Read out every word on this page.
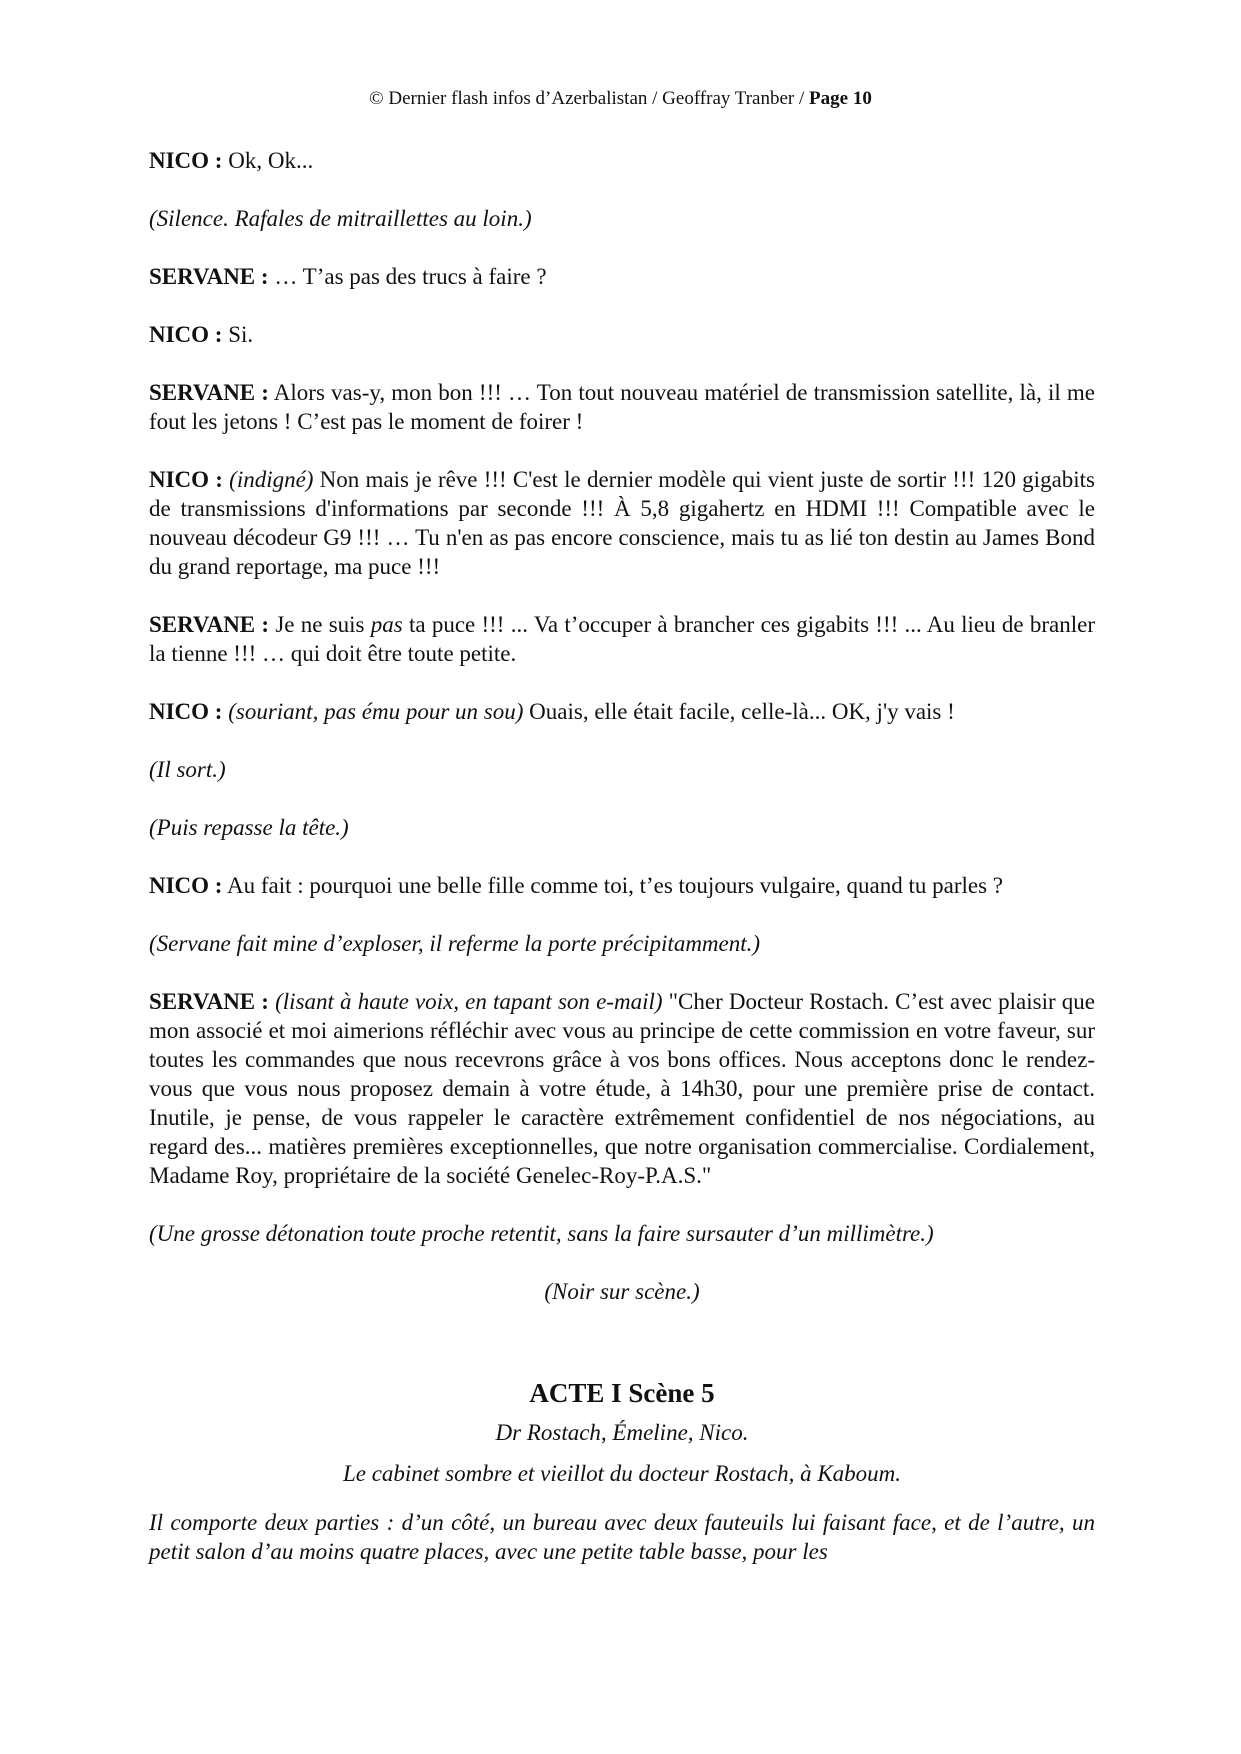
© Dernier flash infos d’Azerbalistan / Geoffray Tranber / Page 10

NICO : Ok, Ok...

(Silence. Rafales de mitraillettes au loin.)

SERVANE : … T’as pas des trucs à faire ?

NICO : Si.

SERVANE : Alors vas-y, mon bon !!! … Ton tout nouveau matériel de transmission satellite, là, il me fout les jetons ! C’est pas le moment de foirer !

NICO : (indigné) Non mais je rêve !!! C'est le dernier modèle qui vient juste de sortir !!! 120 gigabits de transmissions d'informations par seconde !!! À 5,8 gigahertz en HDMI !!! Compatible avec le nouveau décodeur G9 !!! … Tu n'en as pas encore conscience, mais tu as lié ton destin au James Bond du grand reportage, ma puce !!!

SERVANE : Je ne suis pas ta puce !!! ... Va t’occuper à brancher ces gigabits !!! ... Au lieu de branler la tienne !!! … qui doit être toute petite.

NICO : (souriant, pas ému pour un sou) Ouais, elle était facile, celle-là... OK, j'y vais !

(Il sort.)

(Puis repasse la tête.)

NICO : Au fait : pourquoi une belle fille comme toi, t’es toujours vulgaire, quand tu parles ?

(Servane fait mine d’exploser, il referme la porte précipitamment.)

SERVANE : (lisant à haute voix, en tapant son e-mail) "Cher Docteur Rostach. C’est avec plaisir que mon associé et moi aimerions réfléchir avec vous au principe de cette commission en votre faveur, sur toutes les commandes que nous recevrons grâce à vos bons offices. Nous acceptons donc le rendez-vous que vous nous proposez demain à votre étude, à 14h30, pour une première prise de contact. Inutile, je pense, de vous rappeler le caractère extrêmement confidentiel de nos négociations, au regard des... matières premières exceptionnelles, que notre organisation commercialise. Cordialement, Madame Roy, propriétaire de la société Genelec-Roy-P.A.S."

(Une grosse détonation toute proche retentit, sans la faire sursauter d’un millimètre.)

(Noir sur scène.)

ACTE I Scène 5

Dr Rostach, Émeline, Nico.

Le cabinet sombre et vieillot du docteur Rostach, à Kaboum.

Il comporte deux parties : d’un côté, un bureau avec deux fauteuils lui faisant face, et de l’autre, un petit salon d’au moins quatre places, avec une petite table basse, pour les
